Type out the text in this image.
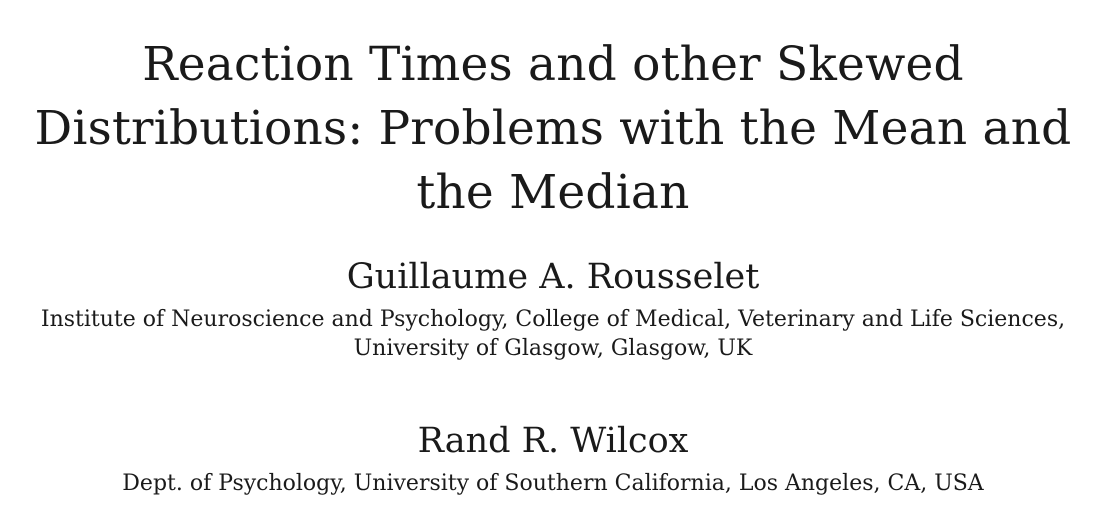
Reaction Times and other Skewed
Distributions: Problems with the Mean and
the Median
Guillaume A. Rousselet
Institute of Neuroscience and Psychology, College of Medical, Veterinary and Life Sciences,
University of Glasgow, Glasgow, UK
Rand R. Wilcox
Dept. of Psychology, University of Southern California, Los Angeles, CA, USA
